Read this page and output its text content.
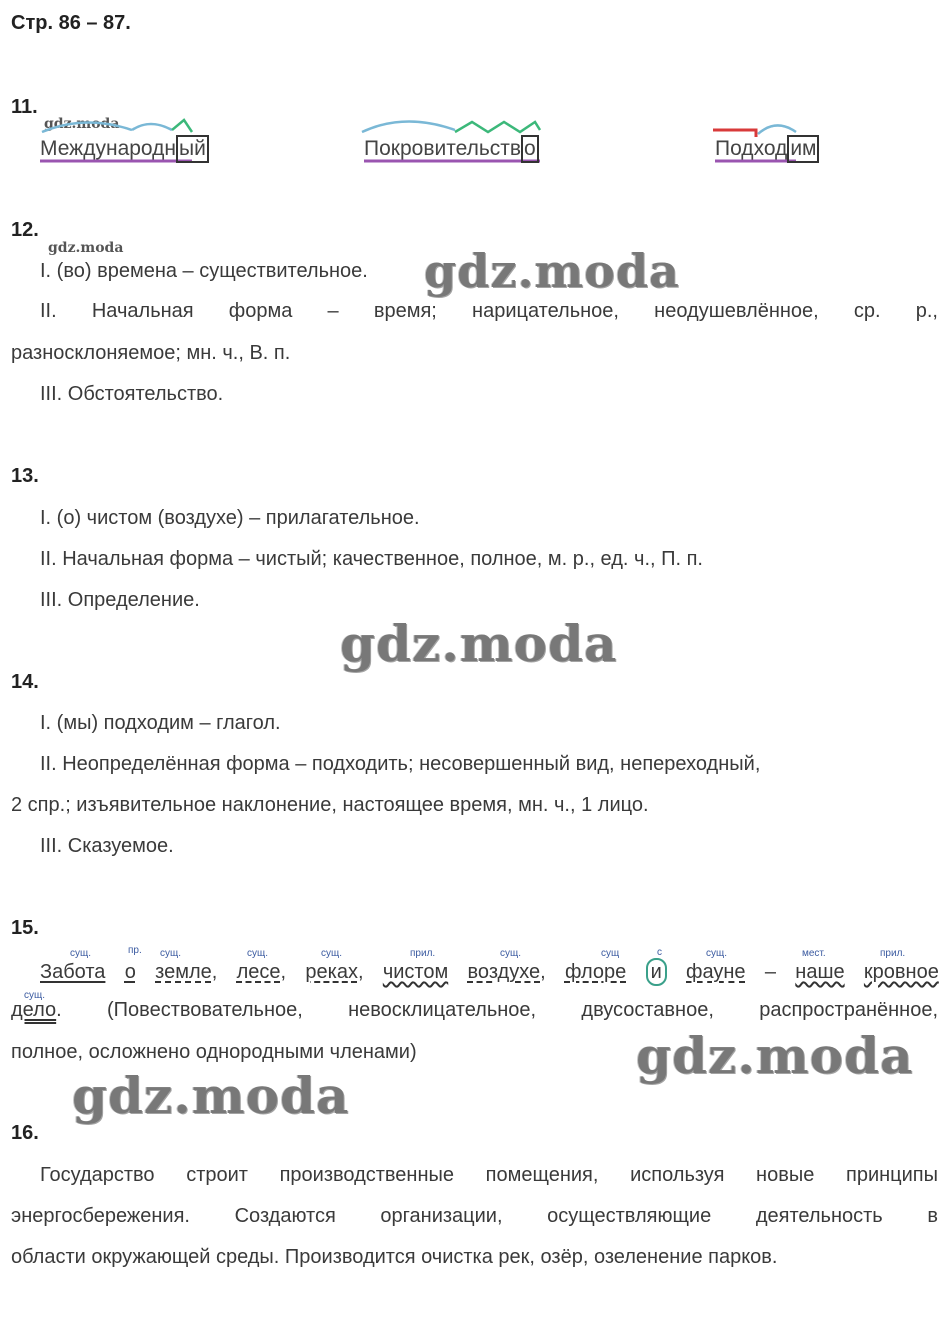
Стр. 86 – 87.
11.
gdz.moda
Международн ый	Покровительств о	Подход им
12.
gdz.moda
I. (во) времена – существительное. gdz.moda
II. Начальная форма – время; нарицательное, неодушевлённое, ср. р.,
разносклоняемое; мн. ч., В. п.
III. Обстоятельство.
13.
I. (о) чистом (воздухе) – прилагательное.
II. Начальная форма – чистый; качественное, полное, м. р., ед. ч., П. п.
III. Определение.
gdz.moda
14.
I. (мы) подходим – глагол.
II. Неопределённая форма – подходить; несовершенный вид, непереходный,
2 спр.; изъявительное наклонение, настоящее время, мн. ч., 1 лицо.
III. Сказуемое.
15.
сущ.	пр. сущ.	сущ.	сущ.	прил.	сущ.	сущ	с	сущ.	мест.	прил.
сущ.
Забота о земле, лесе, реках, чистом воздухе, флоре и фауне – наше кровное
дело. (Повествовательное, невосклицательное, двусоставное, распространённое,
полное, осложнено однородными членами)	gdz.moda
gdz.moda
16.
Государство строит производственные помещения, используя новые принципы
энергосбережения. Создаются организации, осуществляющие деятельность в
области окружающей среды. Производится очистка рек, озёр, озеленение парков.
